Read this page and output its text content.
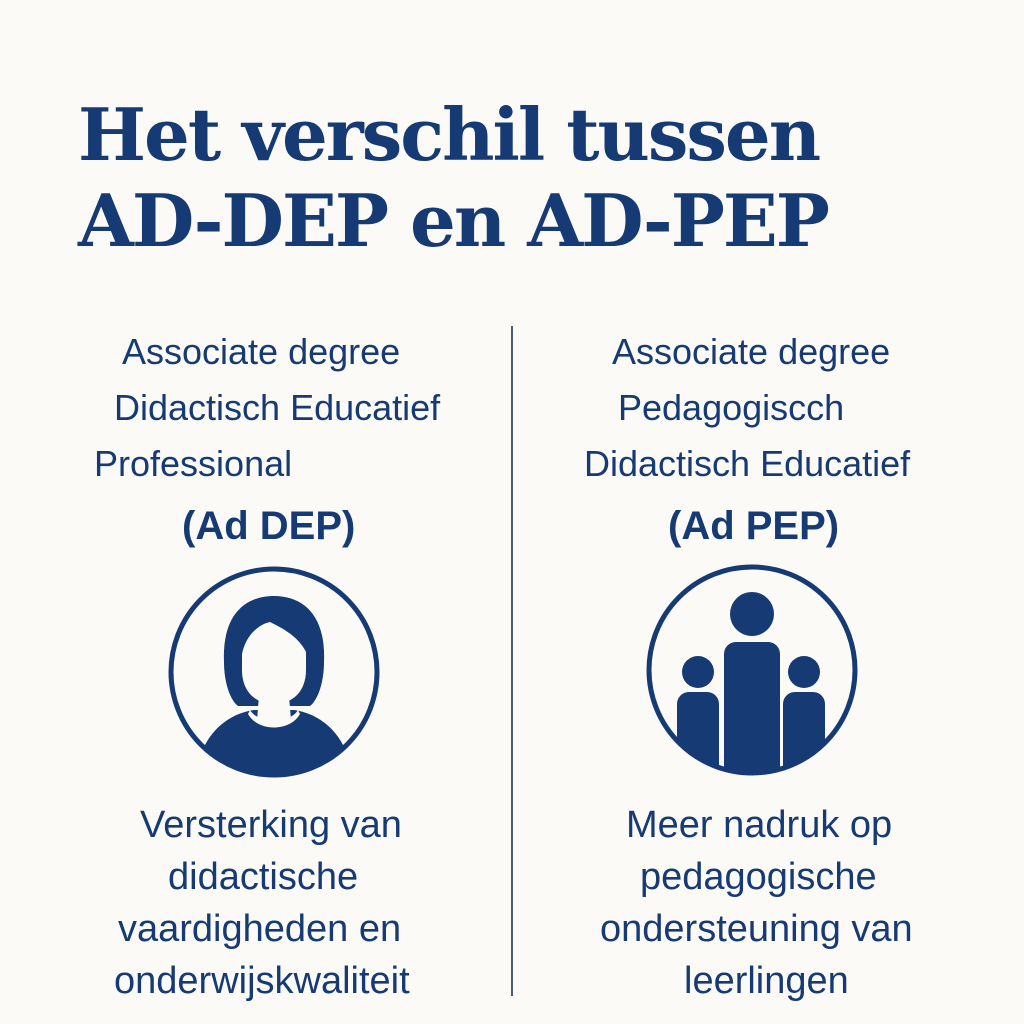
Het verschil tussen
AD-DEP en AD-PEP
Associate degree
Didactisch Educatief
Professional
(Ad DEP)
Versterking van
didactische
vaardigheden en
onderwijskwaliteit
Associate degree
Pedagogiscch
Didactisch Educatief
(Ad PEP)
Meer nadruk op
pedagogische
ondersteuning van
leerlingen
